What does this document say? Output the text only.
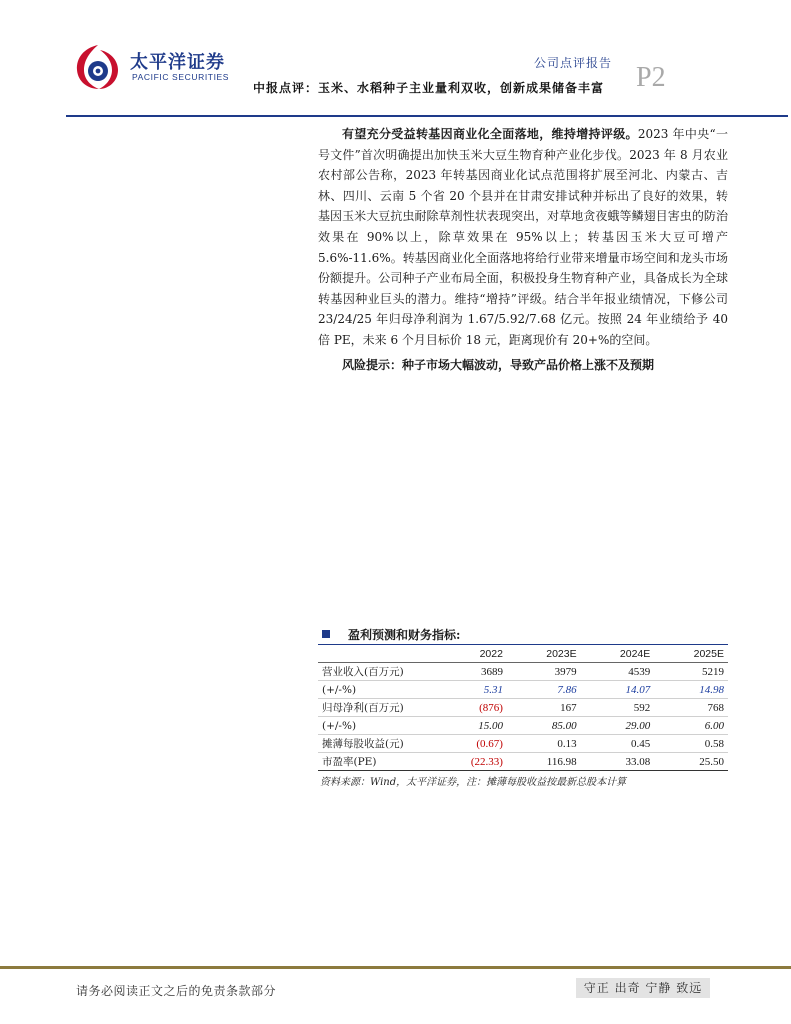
太平洋证券
PACIFIC SECURITIES
公司点评报告 P2
中报点评：玉米、水稻种子主业量利双收，创新成果储备丰富

有望充分受益转基因商业化全面落地，维持增持评级。2023 年中央“一号文件”首次明确提出加快玉米大豆生物育种产业化步伐。2023 年 8 月农业农村部公告称，2023 年转基因商业化试点范围将扩展至河北、内蒙古、吉林、四川、云南 5 个省 20 个县并在甘肃安排试种并标出了良好的效果，转基因玉米大豆抗虫耐除草剂性状表现突出，对草地贪夜蛾等鳞翅目害虫的防治效果在 90%以上，除草效果在 95%以上；转基因玉米大豆可增产 5.6%-11.6%。转基因商业化全面落地将给行业带来增量市场空间和龙头市场份额提升。公司种子产业布局全面，积极投身生物育种产业，具备成长为全球转基因种业巨头的潜力。维持“增持”评级。结合半年报业绩情况，下修公司 23/24/25 年归母净利润为 1.67/5.92/7.68 亿元。按照 24 年业绩给予 40 倍 PE，未来 6 个月目标价 18 元，距离现价有 20+%的空间。

风险提示：种子市场大幅波动，导致产品价格上涨不及预期

盈利预测和财务指标:
	2022	2023E	2024E	2025E
营业收入(百万元)	3689	3979	4539	5219
(+/-%)	5.31	7.86	14.07	14.98
归母净利(百万元)	(876)	167	592	768
(+/-%)	15.00	85.00	29.00	6.00
摊薄每股收益(元)	(0.67)	0.13	0.45	0.58
市盈率(PE)	(22.33)	116.98	33.08	25.50
资料来源：Wind，太平洋证券，注：摊薄每股收益按最新总股本计算
请务必阅读正文之后的免责条款部分	守正 出奇 宁静 致远
